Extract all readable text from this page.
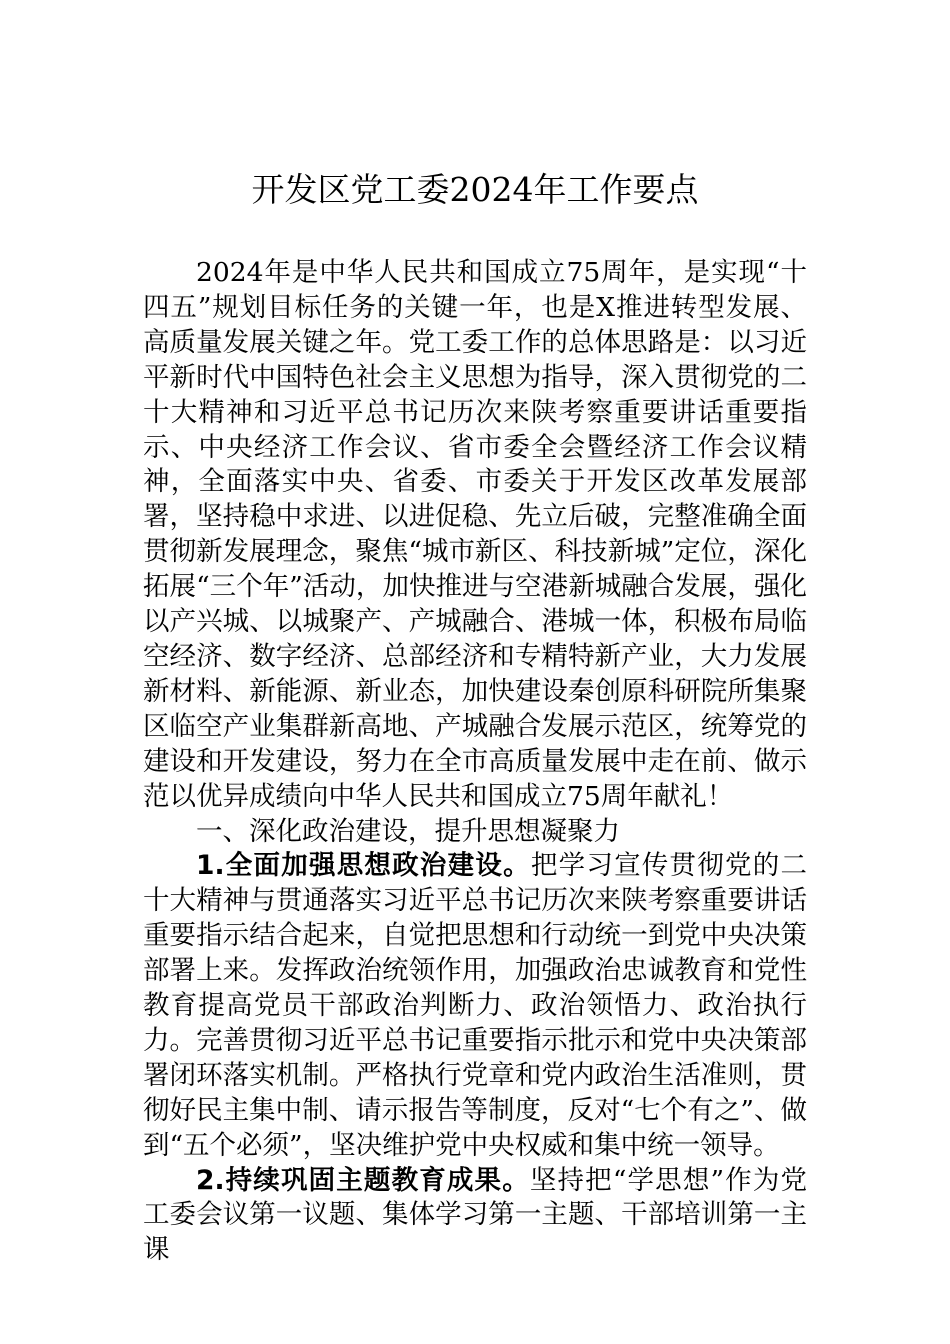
开发区党工委2024年工作要点

2024年是中华人民共和国成立75周年，是实现“十四五”规划目标任务的关键一年，也是X推进转型发展、高质量发展关键之年。党工委工作的总体思路是：以习近平新时代中国特色社会主义思想为指导，深入贯彻党的二十大精神和习近平总书记历次来陕考察重要讲话重要指示、中央经济工作会议、省市委全会暨经济工作会议精神，全面落实中央、省委、市委关于开发区改革发展部署，坚持稳中求进、以进促稳、先立后破，完整准确全面贯彻新发展理念，聚焦“城市新区、科技新城”定位，深化拓展“三个年”活动，加快推进与空港新城融合发展，强化以产兴城、以城聚产、产城融合、港城一体，积极布局临空经济、数字经济、总部经济和专精特新产业，大力发展新材料、新能源、新业态，加快建设秦创原科研院所集聚区临空产业集群新高地、产城融合发展示范区，统筹党的建设和开发建设，努力在全市高质量发展中走在前、做示范以优异成绩向中华人民共和国成立75周年献礼！

一、深化政治建设，提升思想凝聚力

1.全面加强思想政治建设。把学习宣传贯彻党的二十大精神与贯通落实习近平总书记历次来陕考察重要讲话重要指示结合起来，自觉把思想和行动统一到党中央决策部署上来。发挥政治统领作用，加强政治忠诚教育和党性教育提高党员干部政治判断力、政治领悟力、政治执行力。完善贯彻习近平总书记重要指示批示和党中央决策部署闭环落实机制。严格执行党章和党内政治生活准则，贯彻好民主集中制、请示报告等制度，反对“七个有之”、做到“五个必须”，坚决维护党中央权威和集中统一领导。

2.持续巩固主题教育成果。坚持把“学思想”作为党工委会议第一议题、集体学习第一主题、干部培训第一主课
